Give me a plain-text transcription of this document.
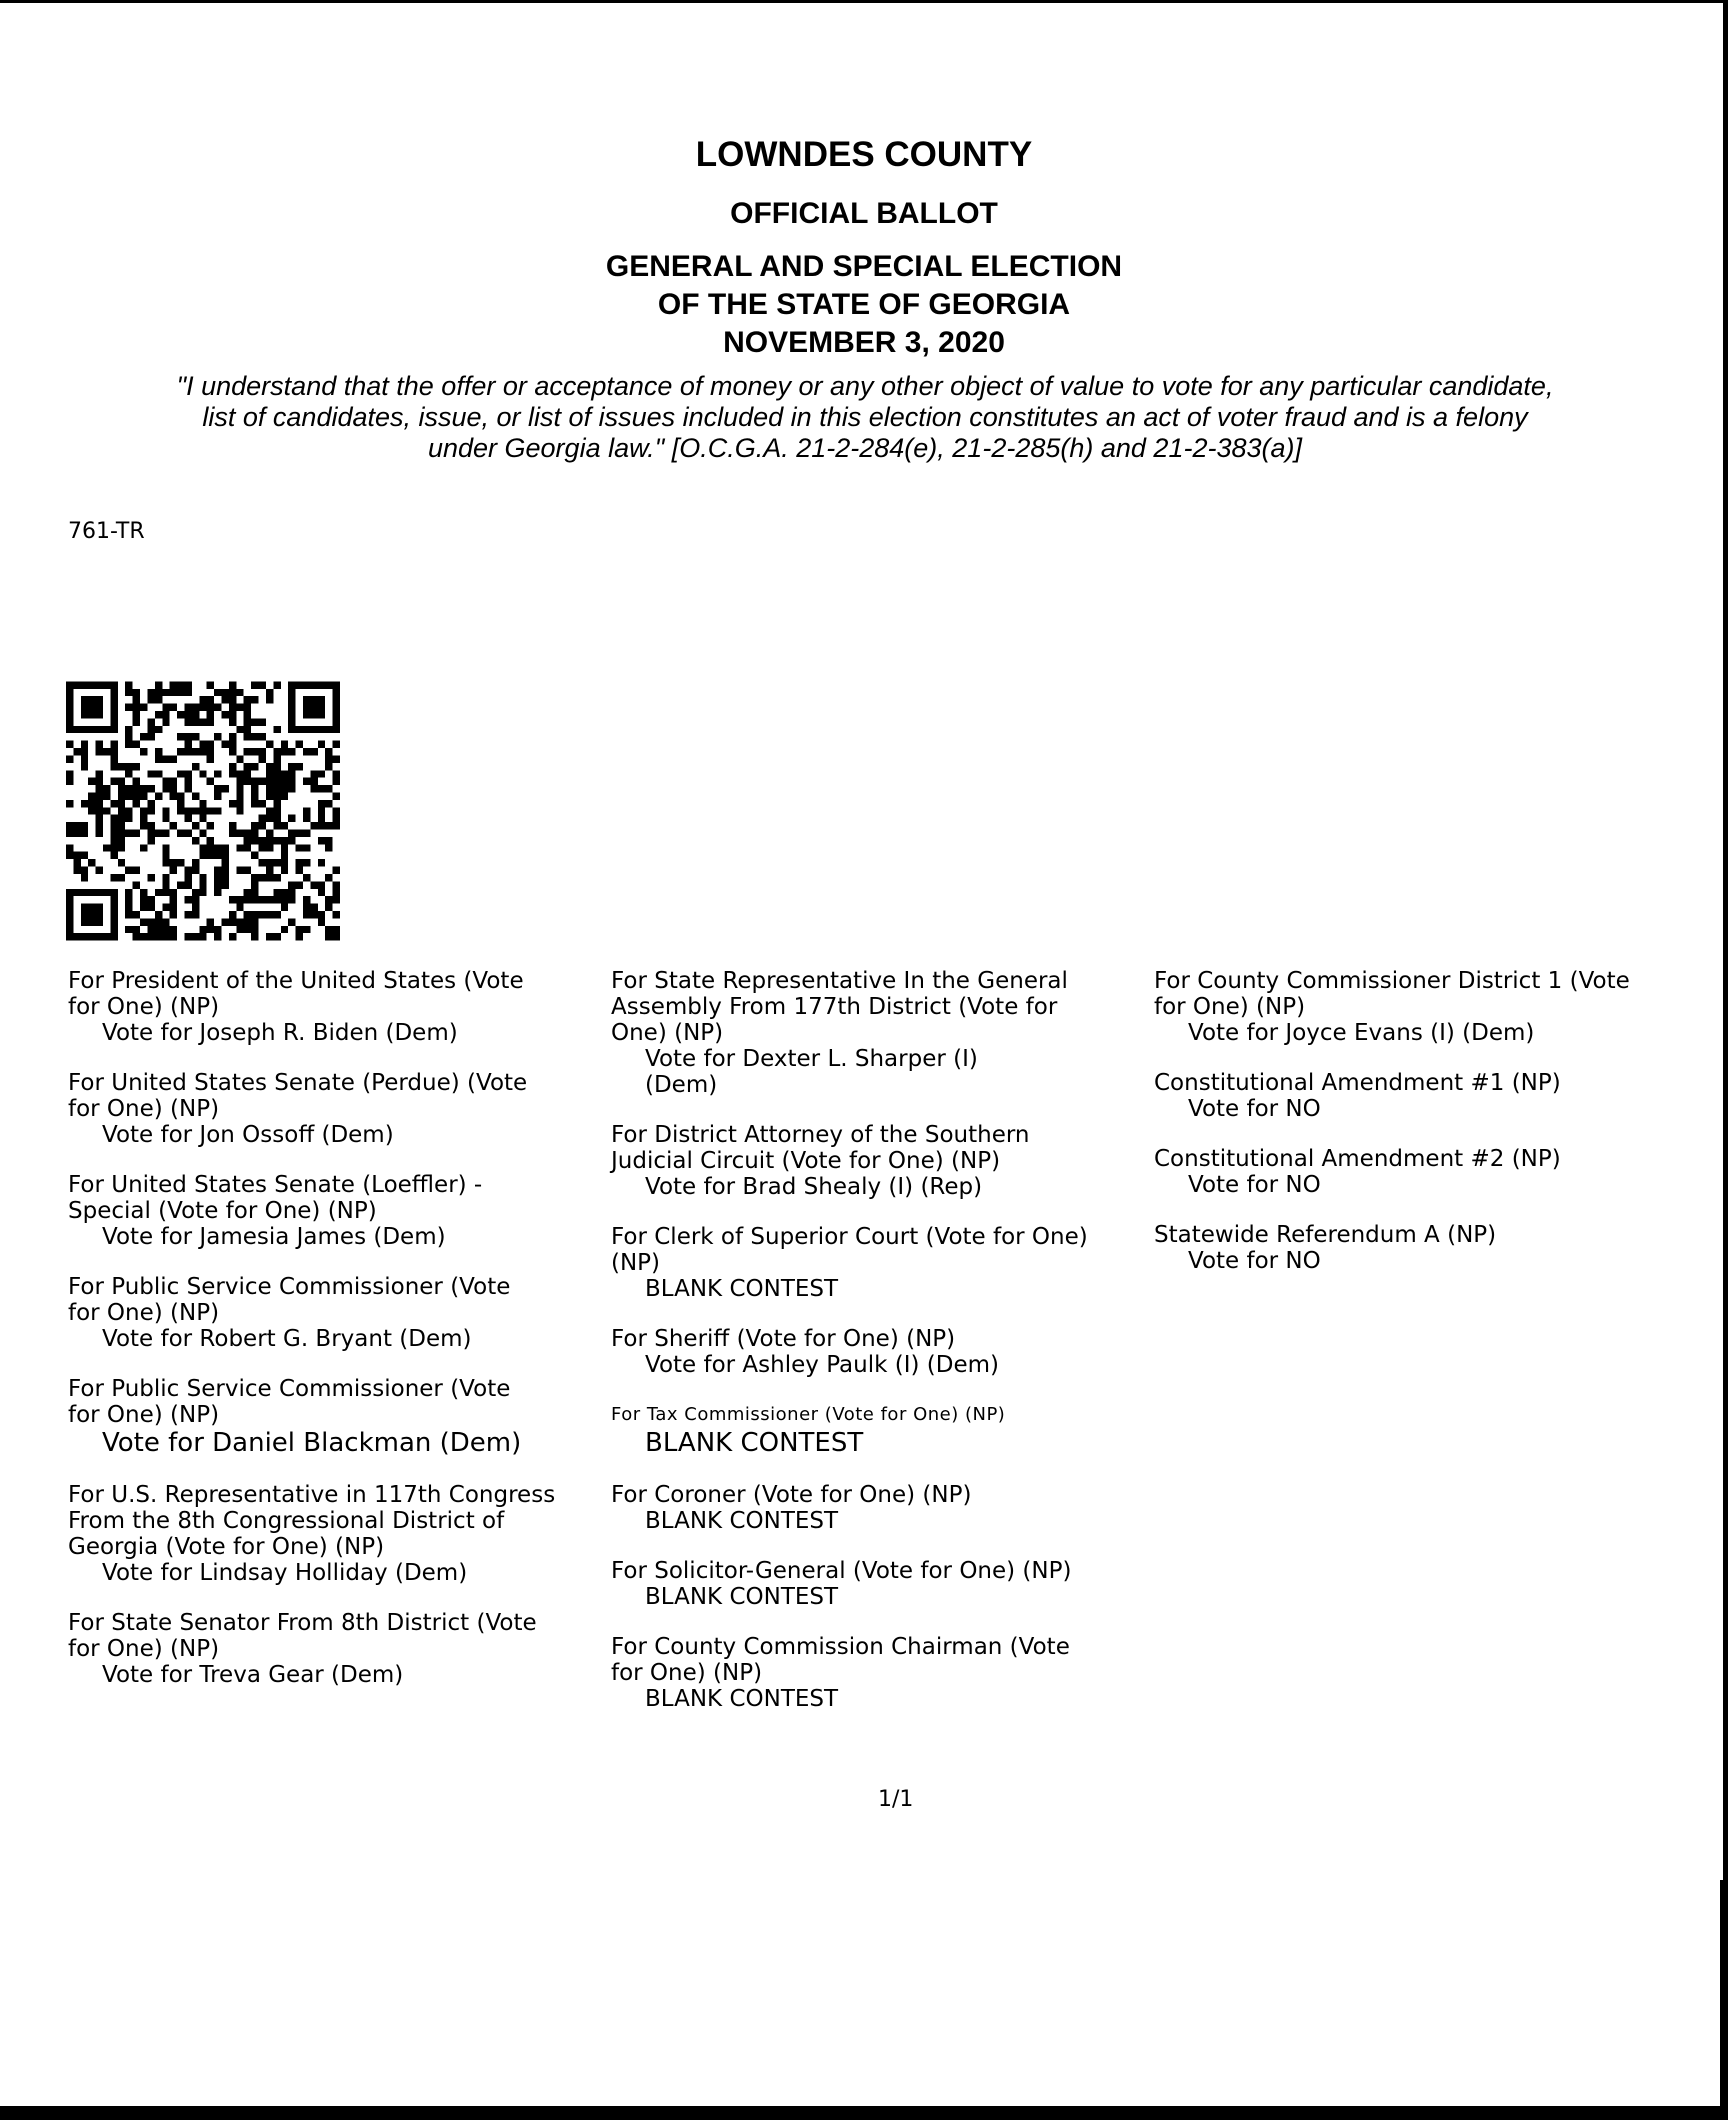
LOWNDES COUNTY
OFFICIAL BALLOT
GENERAL AND SPECIAL ELECTION
OF THE STATE OF GEORGIA
NOVEMBER 3, 2020
"I understand that the offer or acceptance of money or any other object of value to vote for any particular candidate,
list of candidates, issue, or list of issues included in this election constitutes an act of voter fraud and is a felony
under Georgia law." [O.C.G.A. 21-2-284(e), 21-2-285(h) and 21-2-383(a)]
761-TR
For President of the United States (Vote
for One) (NP)
Vote for Joseph R. Biden (Dem)
For United States Senate (Perdue) (Vote
for One) (NP)
Vote for Jon Ossoff (Dem)
For United States Senate (Loeffler) -
Special (Vote for One) (NP)
Vote for Jamesia James (Dem)
For Public Service Commissioner (Vote
for One) (NP)
Vote for Robert G. Bryant (Dem)
For Public Service Commissioner (Vote
for One) (NP)
Vote for Daniel Blackman (Dem)
For U.S. Representative in 117th Congress
From the 8th Congressional District of
Georgia (Vote for One) (NP)
Vote for Lindsay Holliday (Dem)
For State Senator From 8th District (Vote
for One) (NP)
Vote for Treva Gear (Dem)
For State Representative In the General
Assembly From 177th District (Vote for
One) (NP)
Vote for Dexter L. Sharper (I)
(Dem)
For District Attorney of the Southern
Judicial Circuit (Vote for One) (NP)
Vote for Brad Shealy (I) (Rep)
For Clerk of Superior Court (Vote for One)
(NP)
BLANK CONTEST
For Sheriff (Vote for One) (NP)
Vote for Ashley Paulk (I) (Dem)
For Tax Commissioner (Vote for One) (NP)
BLANK CONTEST
For Coroner (Vote for One) (NP)
BLANK CONTEST
For Solicitor-General (Vote for One) (NP)
BLANK CONTEST
For County Commission Chairman (Vote
for One) (NP)
BLANK CONTEST
For County Commissioner District 1 (Vote
for One) (NP)
Vote for Joyce Evans (I) (Dem)
Constitutional Amendment #1 (NP)
Vote for NO
Constitutional Amendment #2 (NP)
Vote for NO
Statewide Referendum A (NP)
Vote for NO
1/1
